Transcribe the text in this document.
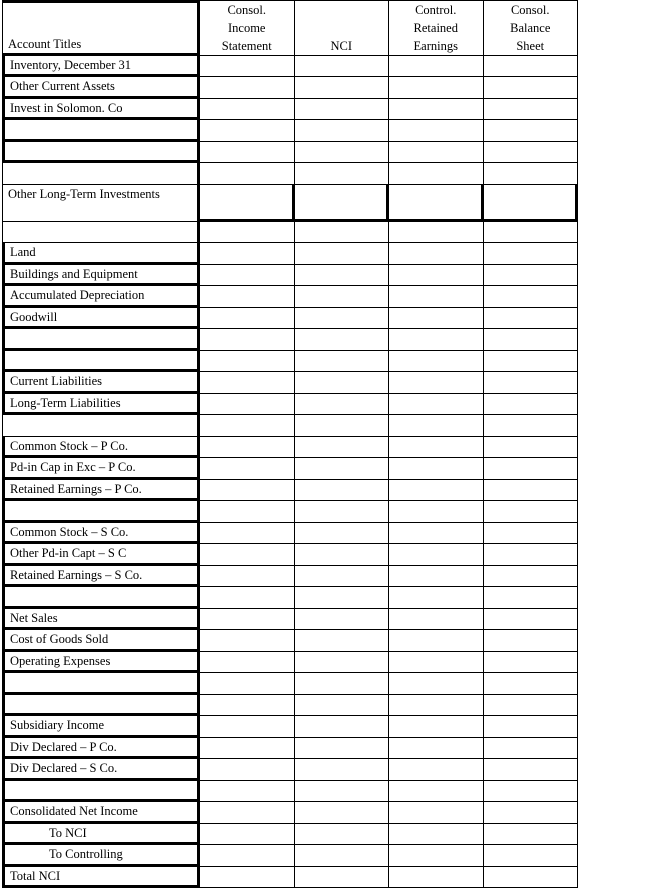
Account Titles
Consol.
Income
Statement	NCI
Control.
Retained
Earnings
Consol.
Balance
Sheet
Inventory, December 31
Other Current Assets
Invest in Solomon. Co
Other Long-Term Investments
Land
Buildings and Equipment
Accumulated Depreciation
Goodwill
Current Liabilities
Long-Term Liabilities
Common Stock – P Co.
Pd-in Cap in Exc – P Co.
Retained Earnings – P Co.
Common Stock – S Co.
Other Pd-in Capt – S C
Retained Earnings – S Co.
Net Sales
Cost of Goods Sold
Operating Expenses
Subsidiary Income
Div Declared – P Co.
Div Declared – S Co.
Consolidated Net Income
To NCI
To Controlling
Total NCI
